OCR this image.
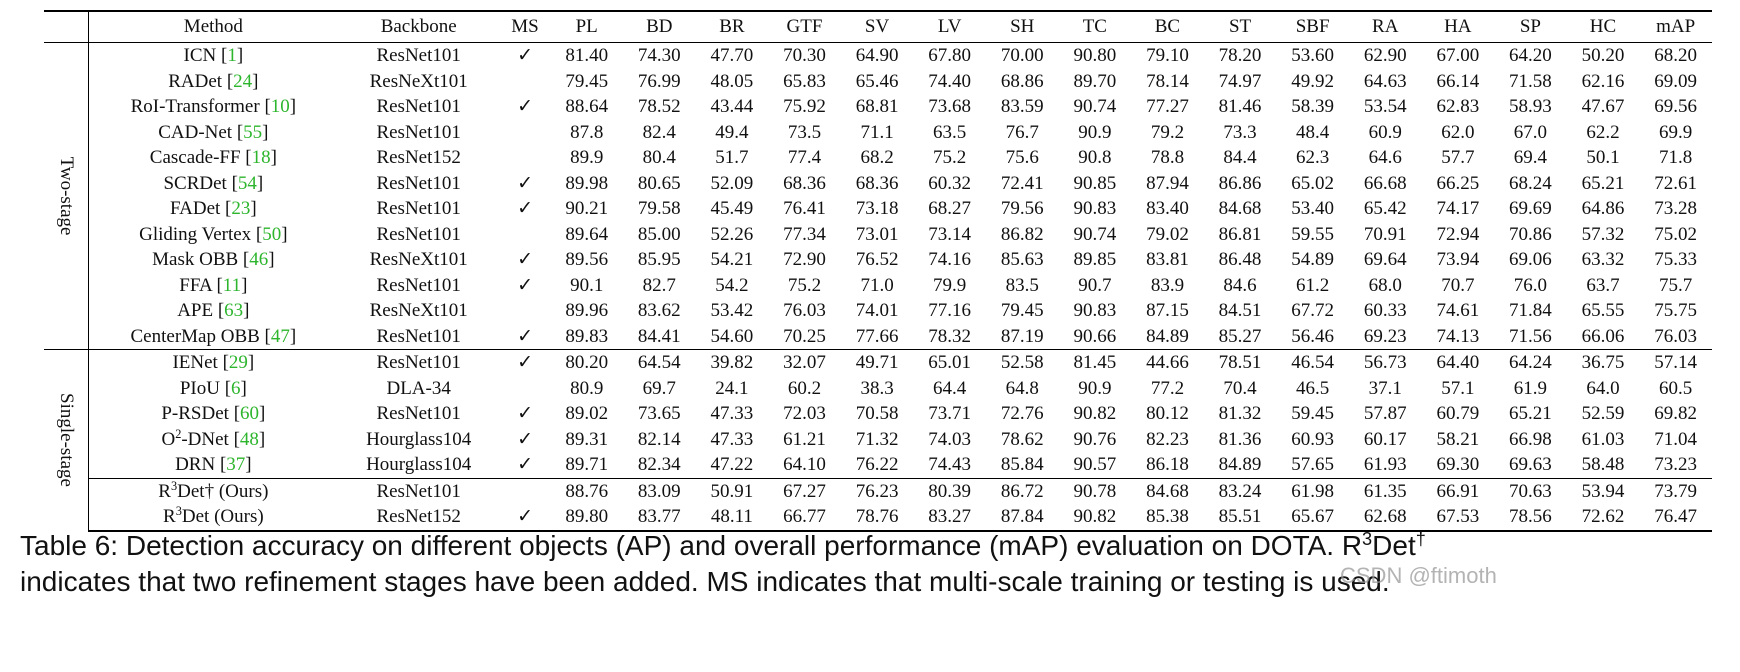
	Method	Backbone	MS	PL	BD	BR	GTF	SV	LV	SH	TC	BC	ST	SBF	RA	HA	SP	HC	mAP

Two-stage	ICN [1]	ResNet101	✓	81.40	74.30	47.70	70.30	64.90	67.80	70.00	90.80	79.10	78.20	53.60	62.90	67.00	64.20	50.20	68.20
	RADet [24]	ResNeXt101		79.45	76.99	48.05	65.83	65.46	74.40	68.86	89.70	78.14	74.97	49.92	64.63	66.14	71.58	62.16	69.09
	RoI-Transformer [10]	ResNet101	✓	88.64	78.52	43.44	75.92	68.81	73.68	83.59	90.74	77.27	81.46	58.39	53.54	62.83	58.93	47.67	69.56
	CAD-Net [55]	ResNet101		87.8	82.4	49.4	73.5	71.1	63.5	76.7	90.9	79.2	73.3	48.4	60.9	62.0	67.0	62.2	69.9
	Cascade-FF [18]	ResNet152		89.9	80.4	51.7	77.4	68.2	75.2	75.6	90.8	78.8	84.4	62.3	64.6	57.7	69.4	50.1	71.8
	SCRDet [54]	ResNet101	✓	89.98	80.65	52.09	68.36	68.36	60.32	72.41	90.85	87.94	86.86	65.02	66.68	66.25	68.24	65.21	72.61
	FADet [23]	ResNet101	✓	90.21	79.58	45.49	76.41	73.18	68.27	79.56	90.83	83.40	84.68	53.40	65.42	74.17	69.69	64.86	73.28
	Gliding Vertex [50]	ResNet101		89.64	85.00	52.26	77.34	73.01	73.14	86.82	90.74	79.02	86.81	59.55	70.91	72.94	70.86	57.32	75.02
	Mask OBB [46]	ResNeXt101	✓	89.56	85.95	54.21	72.90	76.52	74.16	85.63	89.85	83.81	86.48	54.89	69.64	73.94	69.06	63.32	75.33
	FFA [11]	ResNet101	✓	90.1	82.7	54.2	75.2	71.0	79.9	83.5	90.7	83.9	84.6	61.2	68.0	70.7	76.0	63.7	75.7
	APE [63]	ResNeXt101		89.96	83.62	53.42	76.03	74.01	77.16	79.45	90.83	87.15	84.51	67.72	60.33	74.61	71.84	65.55	75.75
	CenterMap OBB [47]	ResNet101	✓	89.83	84.41	54.60	70.25	77.66	78.32	87.19	90.66	84.89	85.27	56.46	69.23	74.13	71.56	66.06	76.03

Single-stage	IENet [29]	ResNet101	✓	80.20	64.54	39.82	32.07	49.71	65.01	52.58	81.45	44.66	78.51	46.54	56.73	64.40	64.24	36.75	57.14
	PIoU [6]	DLA-34		80.9	69.7	24.1	60.2	38.3	64.4	64.8	90.9	77.2	70.4	46.5	37.1	57.1	61.9	64.0	60.5
	P-RSDet [60]	ResNet101	✓	89.02	73.65	47.33	72.03	70.58	73.71	72.76	90.82	80.12	81.32	59.45	57.87	60.79	65.21	52.59	69.82
	$O^2$-DNet [48]	Hourglass104	✓	89.31	82.14	47.33	61.21	71.32	74.03	78.62	90.76	82.23	81.36	60.93	60.17	58.21	66.98	61.03	71.04
	DRN [37]	Hourglass104	✓	89.71	82.34	47.22	64.10	76.22	74.43	85.84	90.57	86.18	84.89	57.65	61.93	69.30	69.63	58.48	73.23
	$R^3Det\dagger$ (Ours)	ResNet101		88.76	83.09	50.91	67.27	76.23	80.39	86.72	90.78	84.68	83.24	61.98	61.35	66.91	70.63	53.94	73.79
	$R^3Det$ (Ours)	ResNet152	✓	89.80	83.77	48.11	66.77	78.76	83.27	87.84	90.82	85.38	85.51	65.67	62.68	67.53	78.56	72.62	76.47
Table 6: Detection accuracy on different objects (AP) and overall performance (mAP) evaluation on DOTA. $R^3Det^\dagger$
indicates that two refinement stages have been added. MS indicates that multi-scale training or testing is used.
CSDN @ftimoth
